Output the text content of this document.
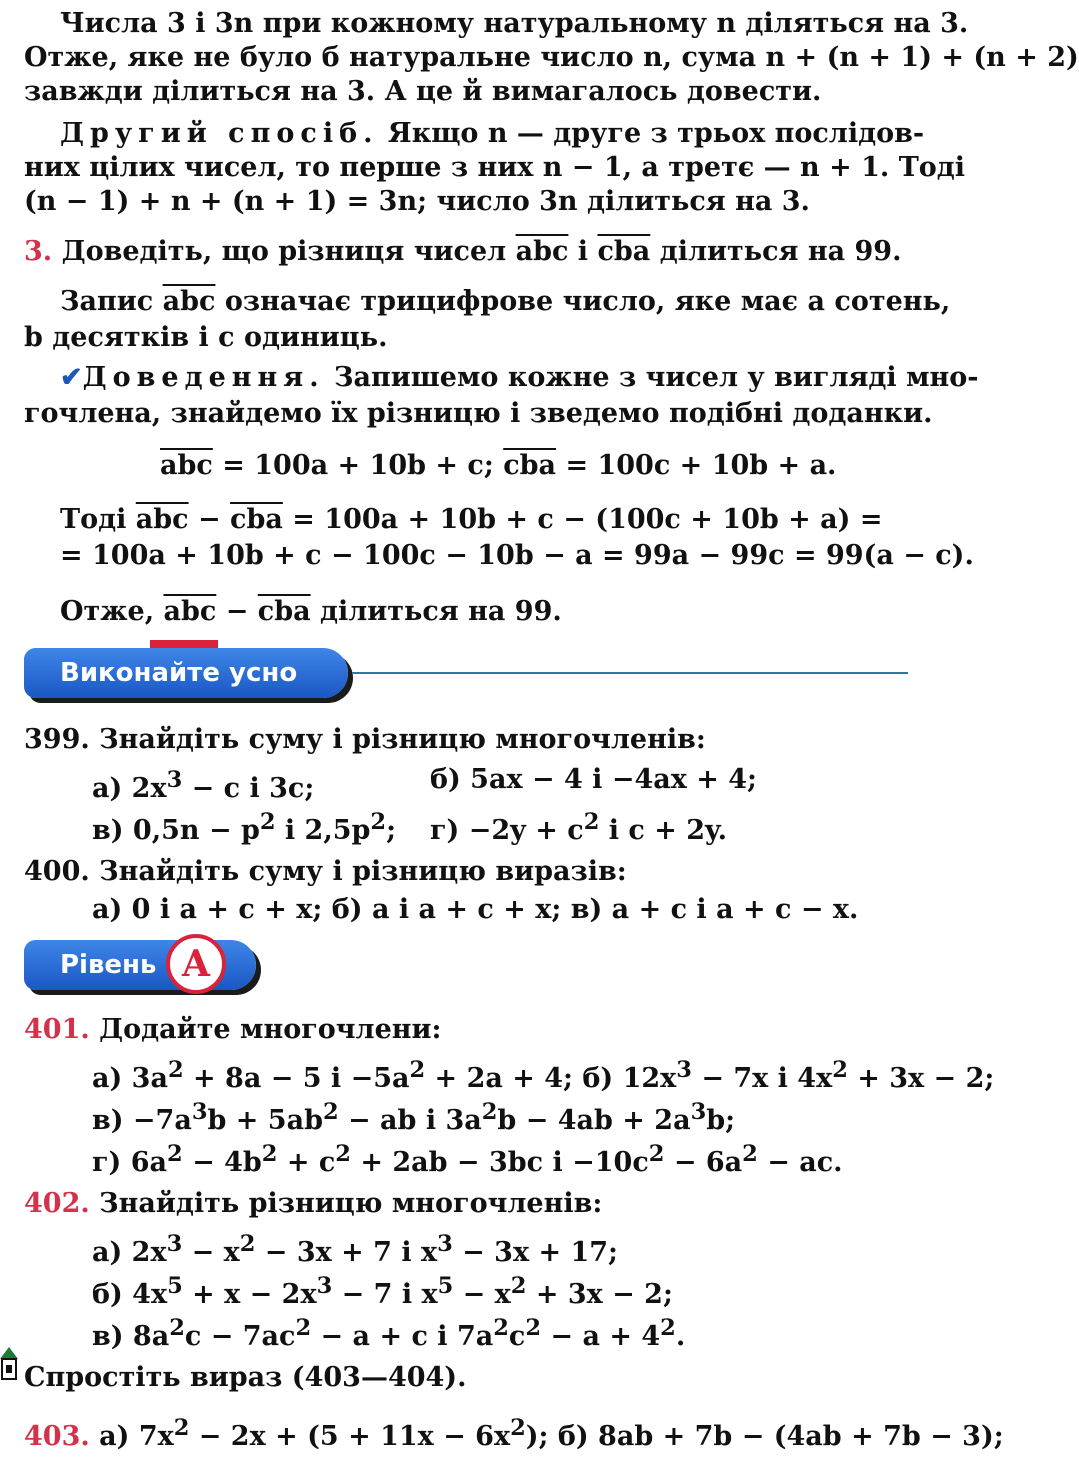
Числа 3 і 3n при кожному натуральному n діляться на 3.
Отже, яке не було б натуральне число n, сума n + (n + 1) + (n + 2)
завжди ділиться на 3. А це й вимагалось довести.
Другий спосіб. Якщо n — друге з трьох послідов-
них цілих чисел, то перше з них n − 1, а третє — n + 1. Тоді
(n − 1) + n + (n + 1) = 3n; число 3n ділиться на 3.
3. Доведіть, що різниця чисел $\overline{abc}$ і $\overline{cba}$ ділиться на 99.
Запис $\overline{abc}$ означає трицифрове число, яке має a сотень,
b десятків і c одиниць.
✔Доведення. Запишемо кожне з чисел у вигляді мно-
гочлена, знайдемо їх різницю і зведемо подібні доданки.
$\overline{abc} = 100a + 10b + c$; $\overline{cba} = 100c + 10b + a$.
Тоді $\overline{abc} - \overline{cba} = 100a + 10b + c - (100c + 10b + a)$ =
= 100a + 10b + c − 100c − 10b − a = 99a − 99c = 99(a − c).
Отже, $\overline{abc} - \overline{cba}$ ділиться на 99.
Виконайте усно
399. Знайдіть суму і різницю многочленів:
а) $2x^3 - c$ і 3c;	б) 5ax − 4 і −4ax + 4;
в) $0,5n - p^2$ і $2,5p^2$; $г) -2y + c^2$ і c + 2y.
400. Знайдіть суму і різницю виразів:
а) 0 і a + c + x; б) a і a + c + x; в) a + c і a + c − x.
Рівень A
401. Додайте многочлени:
а) $3a^2 + 8a - 5$ $і -5a^2 + 2a + 4$; б) $12x^3 - 7x$ і $4x^2 + 3x - 2$;
$в) -7a^3b + 5ab^2$ − ab і $3a^2b - 4ab + 2a^3b$;
г) $6a^2 - 4b^2 + c^2 + 2ab - 3bc$ $і -10c^2 - 6a^2$ − ac.
402. Знайдіть різницю многочленів:
а) $2x^3 - x^2 - 3x + 7$ і $x^3 - 3x + 17$;
б) $4x^5 + x - 2x^3 - 7$ і $x^5 - x^2 + 3x - 2$;
в) $8a^2c - 7ac^2 - a + c$ і $7a^2c^2 - a + 4^2$.
Спростіть вираз (403—404).
403. а) $7x^2 - 2x + (5 + 11x - 6x^2)$; б) 8ab + 7b − (4ab + 7b − 3);
